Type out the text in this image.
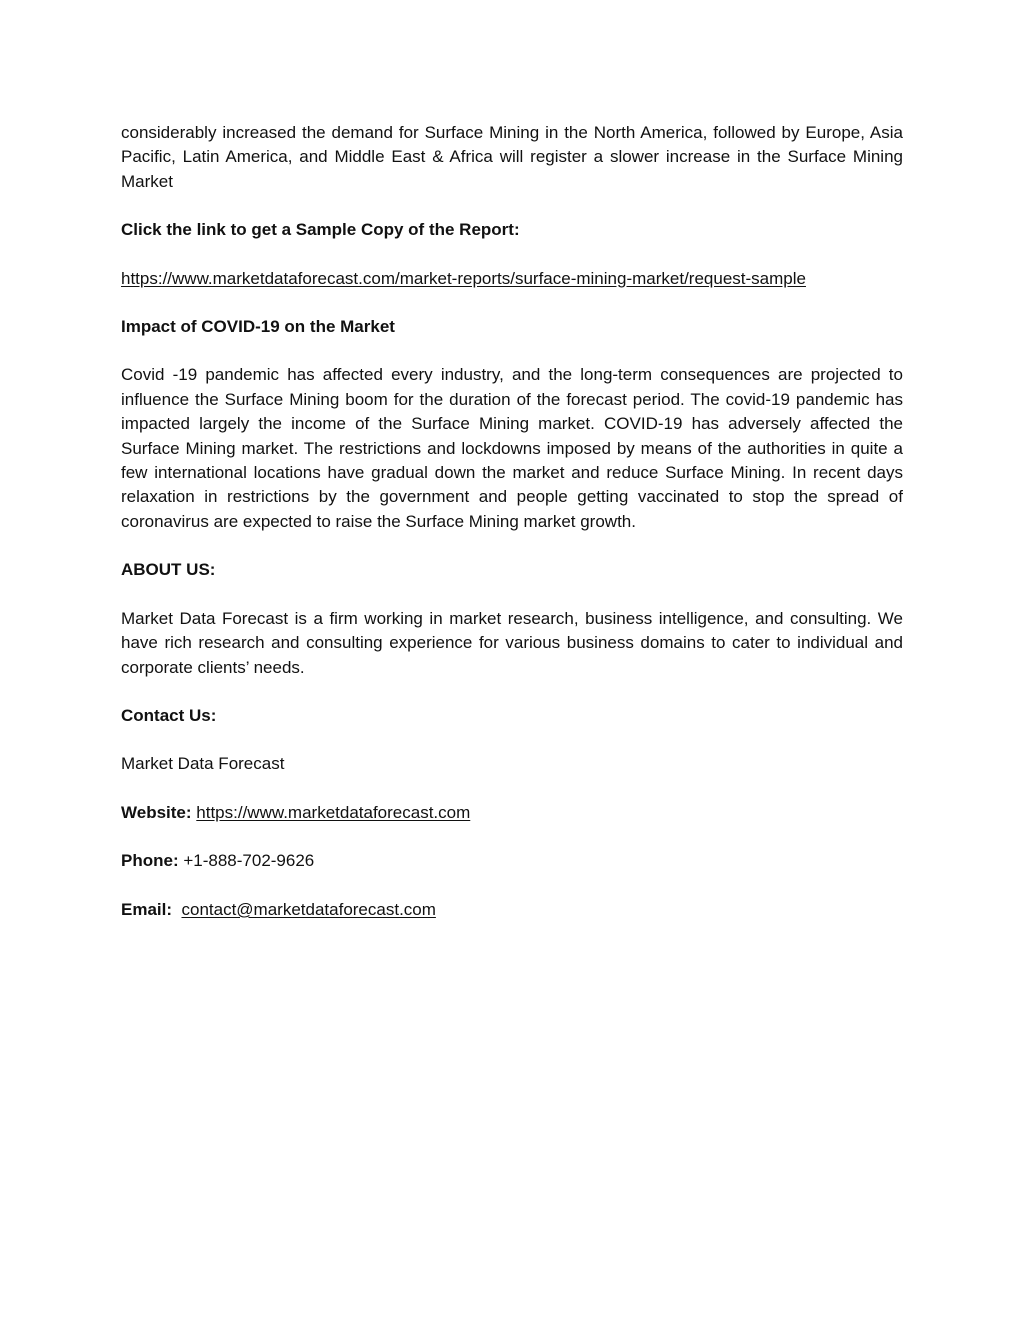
considerably increased the demand for Surface Mining in the North America, followed by Europe, Asia Pacific, Latin America, and Middle East & Africa will register a slower increase in the Surface Mining Market

Click the link to get a Sample Copy of the Report:

https://www.marketdataforecast.com/market-reports/surface-mining-market/request-sample

Impact of COVID-19 on the Market

Covid -19 pandemic has affected every industry, and the long-term consequences are projected to influence the Surface Mining boom for the duration of the forecast period. The covid-19 pandemic has impacted largely the income of the Surface Mining market. COVID-19 has adversely affected the Surface Mining market. The restrictions and lockdowns imposed by means of the authorities in quite a few international locations have gradual down the market and reduce Surface Mining. In recent days relaxation in restrictions by the government and people getting vaccinated to stop the spread of coronavirus are expected to raise the Surface Mining market growth.

ABOUT US:

Market Data Forecast is a firm working in market research, business intelligence, and consulting. We have rich research and consulting experience for various business domains to cater to individual and corporate clients’ needs.

Contact Us:

Market Data Forecast

Website: https://www.marketdataforecast.com

Phone: +1-888-702-9626

Email: contact@marketdataforecast.com
